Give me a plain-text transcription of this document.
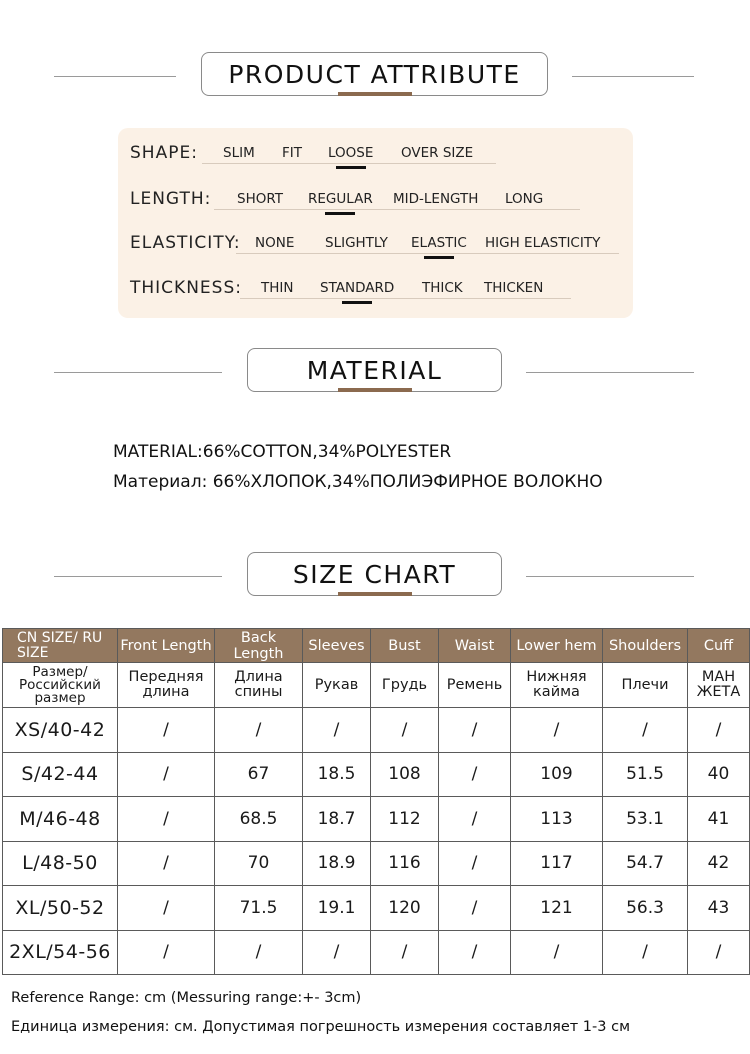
PRODUCT ATTRIBUTE
SHAPE: SLIM FIT LOOSE OVER SIZE
LENGTH: SHORT REGULAR MID-LENGTH LONG
ELASTICITY: NONE SLIGHTLY ELASTIC HIGH ELASTICITY
THICKNESS: THIN STANDARD THICK THICKEN
MATERIAL
MATERIAL:66%COTTON,34%POLYESTER
Материал: 66%ХЛОПОК,34%ПОЛИЭФИРНОЕ ВОЛОКНО
SIZE CHART
CN SIZE/ RU SIZE	Front Length	Back Length	Sleeves	Bust	Waist	Lower hem	Shoulders	Cuff
Размер/ Российский размер	Передняя длина	Длина спины	Рукав	Грудь	Ремень	Нижняя кайма	Плечи	МАН ЖЕТА
XS/40-42	/	/	/	/	/	/	/	/
S/42-44	/	67	18.5	108	/	109	51.5	40
M/46-48	/	68.5	18.7	112	/	113	53.1	41
L/48-50	/	70	18.9	116	/	117	54.7	42
XL/50-52	/	71.5	19.1	120	/	121	56.3	43
2XL/54-56	/	/	/	/	/	/	/	/
Reference Range: cm (Messuring range:+- 3cm)
Единица измерения: см. Допустимая погрешность измерения составляет 1-3 см
